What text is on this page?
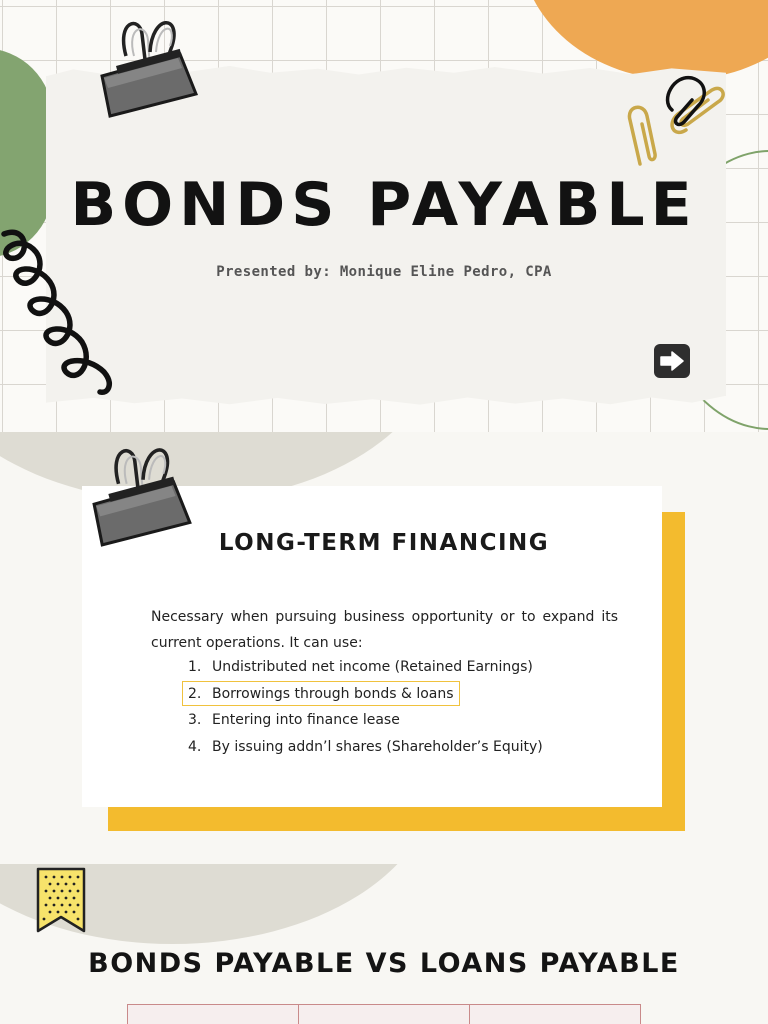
BONDS PAYABLE

Presented by: Monique Eline Pedro, CPA

LONG-TERM FINANCING

Necessary when pursuing business opportunity or to expand its current operations. It can use:

1. Undistributed net income (Retained Earnings)
2. Borrowings through bonds & loans
3. Entering into finance lease
4. By issuing addn’l shares (Shareholder’s Equity)
BONDS PAYABLE VS LOANS PAYABLE
